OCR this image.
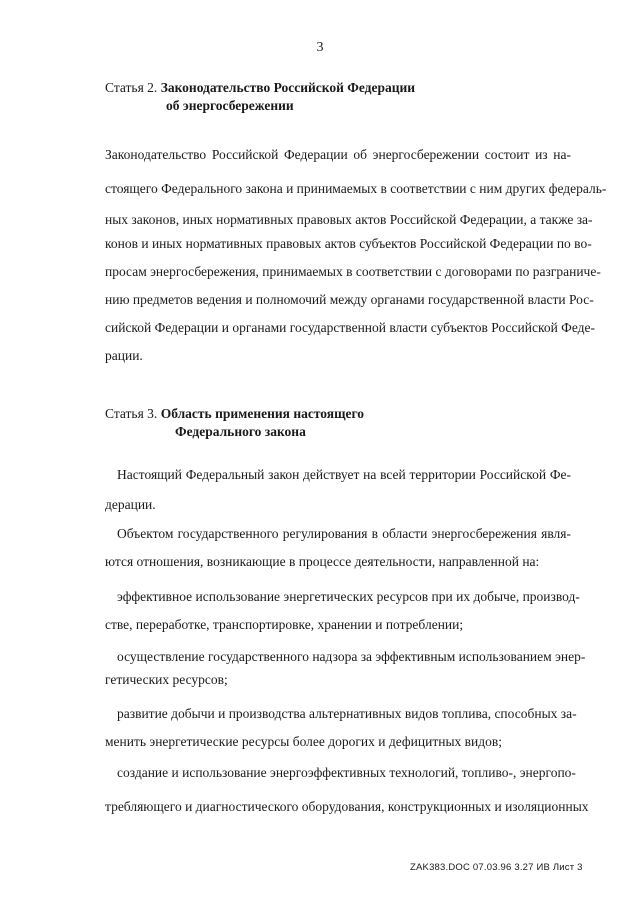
3
Статья 2. Законодательство Российской Федерации
об энергосбережении
Законодательство Российской Федерации об энергосбережении состоит из на-
стоящего Федерального закона и принимаемых в соответствии с ним других федераль-
ных законов, иных нормативных правовых актов Российской Федерации, а также за-
конов и иных нормативных правовых актов субъектов Российской Федерации по во-
просам энергосбережения, принимаемых в соответствии с договорами по разграниче-
нию предметов ведения и полномочий между органами государственной власти Рос-
сийской Федерации и органами государственной власти субъектов Российской Феде-
рации.
Статья 3. Область применения настоящего
Федерального закона
Настоящий Федеральный закон действует на всей территории Российской Фе-
дерации.
Объектом государственного регулирования в области энергосбережения явля-
ются отношения, возникающие в процессе деятельности, направленной на:
эффективное использование энергетических ресурсов при их добыче, производ-
стве, переработке, транспортировке, хранении и потреблении;
осуществление государственного надзора за эффективным использованием энер-
гетических ресурсов;
развитие добычи и производства альтернативных видов топлива, способных за-
менить энергетические ресурсы более дорогих и дефицитных видов;
создание и использование энергоэффективных технологий, топливо-, энергопо-
требляющего и диагностического оборудования, конструкционных и изоляционных
ZAK383.DOC 07.03.96 3.27 ИВ Лист 3
